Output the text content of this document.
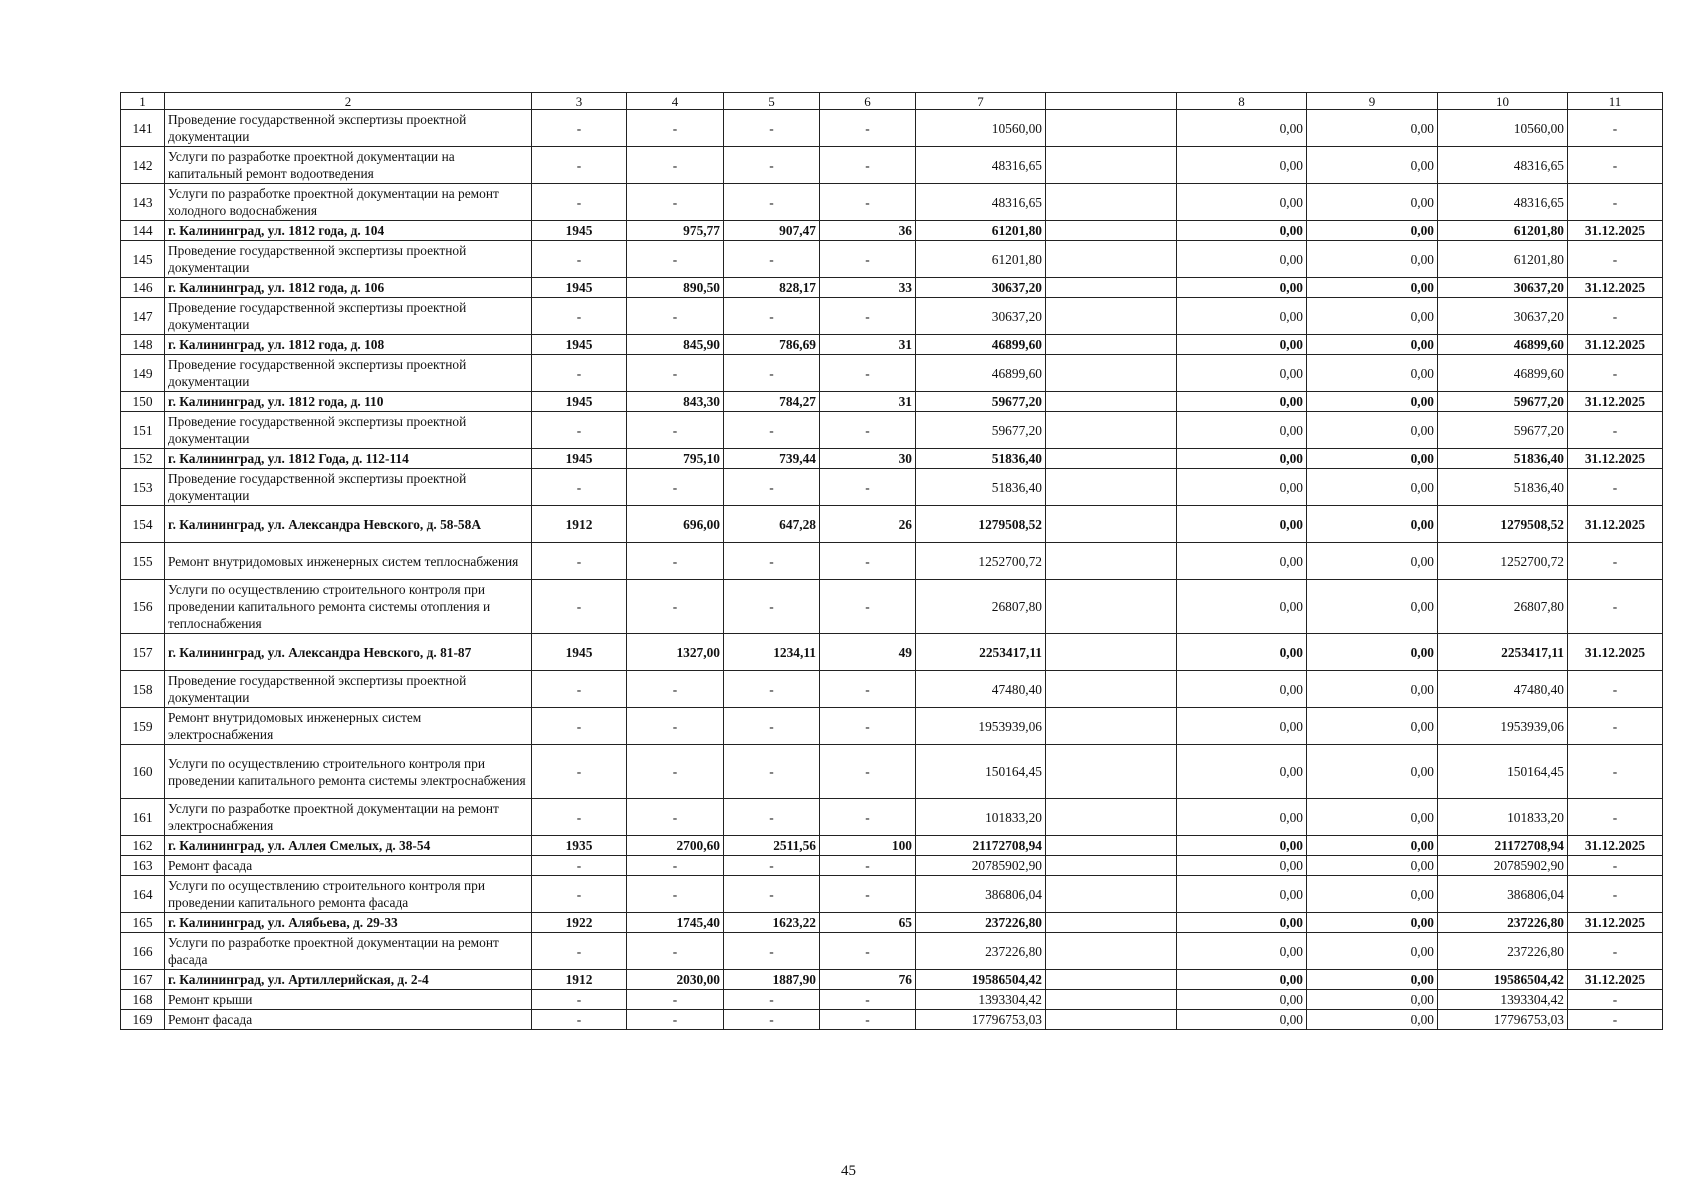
1	2	3	4	5	6	7		8	9	10	11
141	Проведение государственной экспертизы проектной документации	-	-	-	-	10560,00		0,00	0,00	10560,00	-
142	Услуги по разработке проектной документации на капитальный ремонт водоотведения	-	-	-	-	48316,65		0,00	0,00	48316,65	-
143	Услуги по разработке проектной документации на ремонт холодного водоснабжения	-	-	-	-	48316,65		0,00	0,00	48316,65	-
144	г. Калининград, ул. 1812 года, д. 104	1945	975,77	907,47	36	61201,80		0,00	0,00	61201,80	31.12.2025
145	Проведение государственной экспертизы проектной документации	-	-	-	-	61201,80		0,00	0,00	61201,80	-
146	г. Калининград, ул. 1812 года, д. 106	1945	890,50	828,17	33	30637,20		0,00	0,00	30637,20	31.12.2025
147	Проведение государственной экспертизы проектной документации	-	-	-	-	30637,20		0,00	0,00	30637,20	-
148	г. Калининград, ул. 1812 года, д. 108	1945	845,90	786,69	31	46899,60		0,00	0,00	46899,60	31.12.2025
149	Проведение государственной экспертизы проектной документации	-	-	-	-	46899,60		0,00	0,00	46899,60	-
150	г. Калининград, ул. 1812 года, д. 110	1945	843,30	784,27	31	59677,20		0,00	0,00	59677,20	31.12.2025
151	Проведение государственной экспертизы проектной документации	-	-	-	-	59677,20		0,00	0,00	59677,20	-
152	г. Калининград, ул. 1812 Года, д. 112-114	1945	795,10	739,44	30	51836,40		0,00	0,00	51836,40	31.12.2025
153	Проведение государственной экспертизы проектной документации	-	-	-	-	51836,40		0,00	0,00	51836,40	-
154	г. Калининград, ул. Александра Невского, д. 58-58А	1912	696,00	647,28	26	1279508,52		0,00	0,00	1279508,52	31.12.2025
155	Ремонт внутридомовых инженерных систем теплоснабжения	-	-	-	-	1252700,72		0,00	0,00	1252700,72	-
156	Услуги по осуществлению строительного контроля при проведении капитального ремонта системы отопления и теплоснабжения	-	-	-	-	26807,80		0,00	0,00	26807,80	-
157	г. Калининград, ул. Александра Невского, д. 81-87	1945	1327,00	1234,11	49	2253417,11		0,00	0,00	2253417,11	31.12.2025
158	Проведение государственной экспертизы проектной документации	-	-	-	-	47480,40		0,00	0,00	47480,40	-
159	Ремонт внутридомовых инженерных систем электроснабжения	-	-	-	-	1953939,06		0,00	0,00	1953939,06	-
160	Услуги по осуществлению строительного контроля при проведении капитального ремонта системы электроснабжения	-	-	-	-	150164,45		0,00	0,00	150164,45	-
161	Услуги по разработке проектной документации на ремонт электроснабжения	-	-	-	-	101833,20		0,00	0,00	101833,20	-
162	г. Калининград, ул. Аллея Смелых, д. 38-54	1935	2700,60	2511,56	100	21172708,94		0,00	0,00	21172708,94	31.12.2025
163	Ремонт фасада	-	-	-	-	20785902,90		0,00	0,00	20785902,90	-
164	Услуги по осуществлению строительного контроля при проведении капитального ремонта фасада	-	-	-	-	386806,04		0,00	0,00	386806,04	-
165	г. Калининград, ул. Алябьева, д. 29-33	1922	1745,40	1623,22	65	237226,80		0,00	0,00	237226,80	31.12.2025
166	Услуги по разработке проектной документации на ремонт фасада	-	-	-	-	237226,80		0,00	0,00	237226,80	-
167	г. Калининград, ул. Артиллерийская, д. 2-4	1912	2030,00	1887,90	76	19586504,42		0,00	0,00	19586504,42	31.12.2025
168	Ремонт крыши	-	-	-	-	1393304,42		0,00	0,00	1393304,42	-
169	Ремонт фасада	-	-	-	-	17796753,03		0,00	0,00	17796753,03	-
45
